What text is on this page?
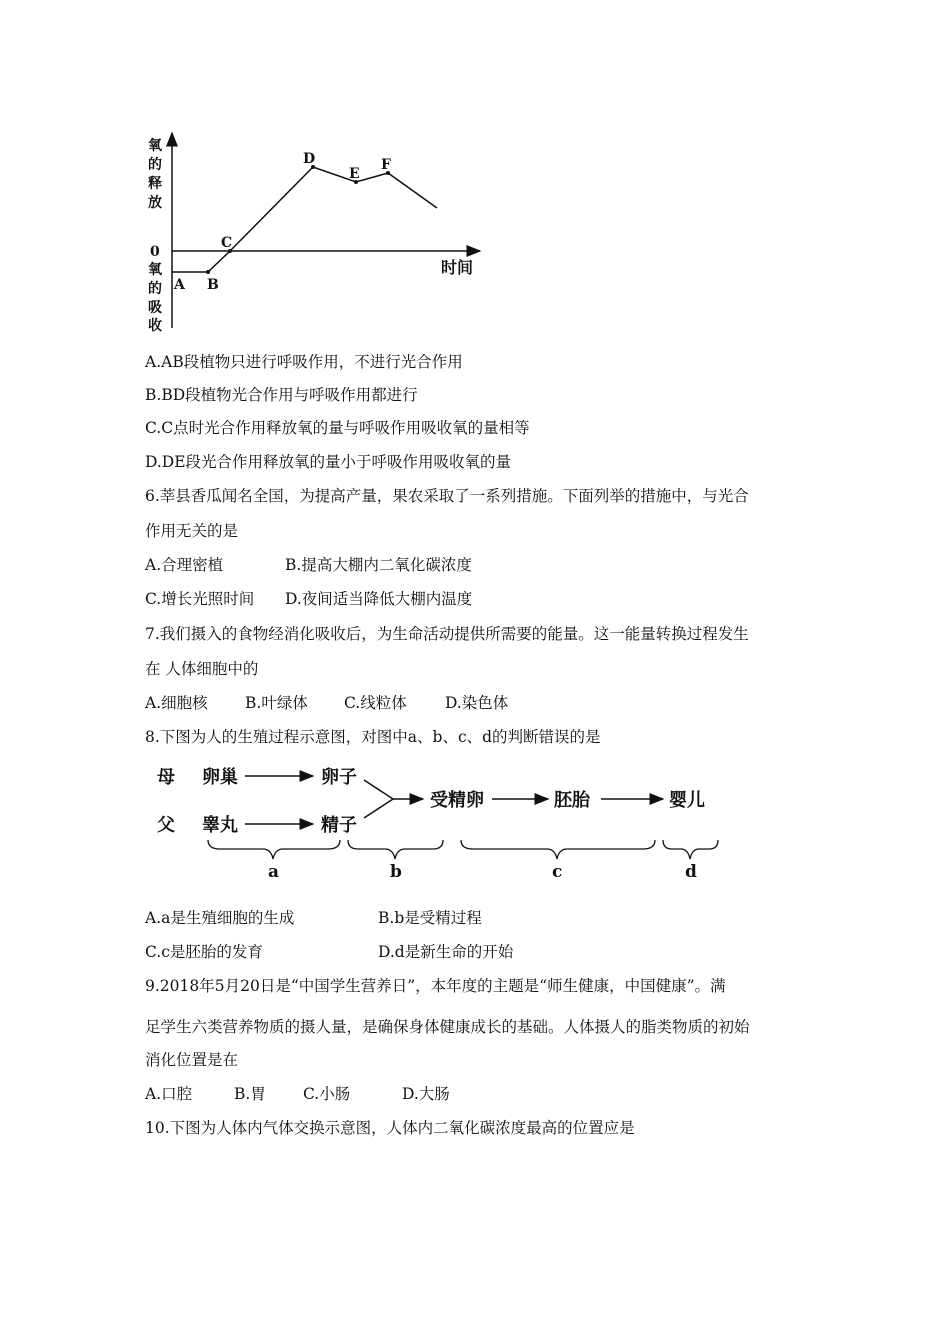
氧
的
释
放
0
氧
的
吸
收
A B
C
D
E
F
时间
A.AB段植物只进行呼吸作用，不进行光合作用
B.BD段植物光合作用与呼吸作用都进行
C.C点时光合作用释放氧的量与呼吸作用吸收氧的量相等
D.DE段光合作用释放氧的量小于呼吸作用吸收氧的量
6.莘县香瓜闻名全国，为提高产量，果农采取了一系列措施。下面列举的措施中，与光合
作用无关的是
A.合理密植	B.提高大棚内二氧化碳浓度
C.增长光照时间 D.夜间适当降低大棚内温度
7.我们摄入的食物经消化吸收后，为生命活动提供所需要的能量。这一能量转换过程发生
在 人体细胞中的
A.细胞核 B.叶绿体 C.线粒体 D.染色体
8.下图为人的生殖过程示意图，对图中a、b、c、d的判断错误的是
母
父
卵巢
睾丸
卵子
精子
受精卵	胚胎	婴儿
a	b	c	d
A.a是生殖细胞的生成	B.b是受精过程
C.c是胚胎的发育	D.d是新生命的开始
9.2018年5月20日是“中国学生营养日”，本年度的主题是“师生健康，中国健康”。满
足学生六类营养物质的摄人量，是确保身体健康成长的基础。人体摄人的脂类物质的初始
消化位置是在
A.口腔	B.胃 C.小肠	D.大肠
10.下图为人体内气体交换示意图，人体内二氧化碳浓度最高的位置应是
